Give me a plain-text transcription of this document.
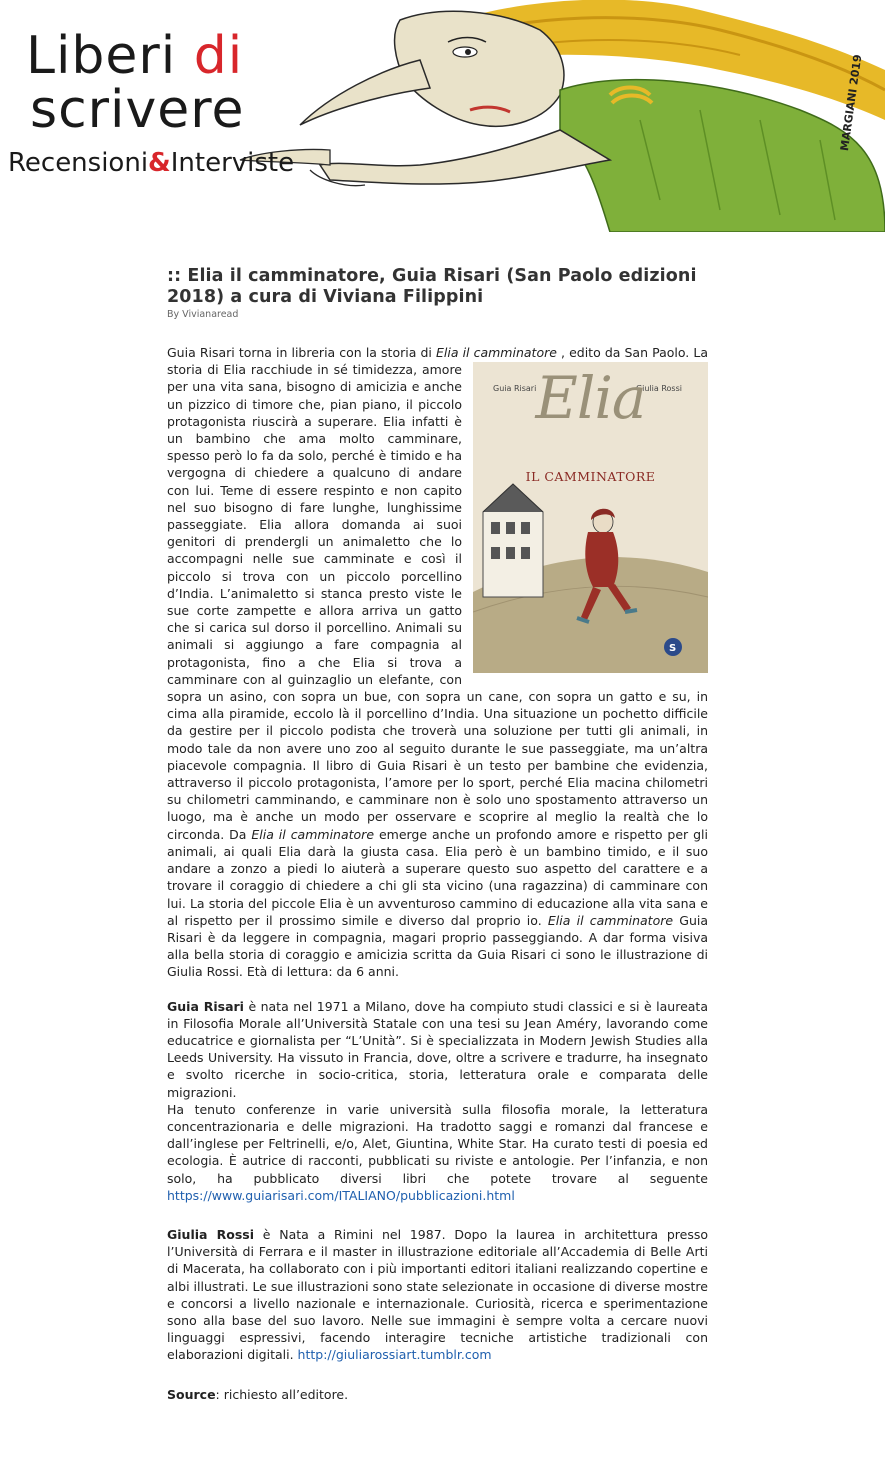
Liberi di
scrivere
Recensioni&Interviste
MARGIANI 2019
:: Elia il camminatore, Guia Risari (San Paolo edizioni 2018) a cura di Viviana Filippini
By Vivianaread

Guia Risari torna in libreria con la storia di Elia il camminatore
S
Guia Risari	Giulia Rossi
Elia
IL CAMMINATORE
, edito da San Paolo. La storia di Elia racchiude in sé timidezza, amore per una vita sana, bisogno di amicizia e anche un pizzico di timore che, pian piano, il piccolo protagonista riuscirà a superare. Elia infatti è un bambino che ama molto camminare, spesso però lo fa da solo, perché è timido e ha vergogna di chiedere a qualcuno di andare con lui. Teme di essere respinto e non capito nel suo bisogno di fare lunghe, lunghissime passeggiate. Elia allora domanda ai suoi genitori di prendergli un animaletto che lo accompagni nelle sue camminate e così il piccolo si trova con un piccolo porcellino d’India. L’animaletto si stanca presto viste le sue corte zampette e allora arriva un gatto che si carica sul dorso il porcellino. Animali su animali si aggiungo a fare compagnia al protagonista, fino a che Elia si trova a camminare con al guinzaglio un elefante, con sopra un asino, con sopra un bue, con sopra un cane, con sopra un gatto e su, in cima alla piramide, eccolo là il porcellino d’India. Una situazione un pochetto difficile da gestire per il piccolo podista che troverà una soluzione per tutti gli animali, in modo tale da non avere uno zoo al seguito durante le sue passeggiate, ma un’altra piacevole compagnia. Il libro di Guia Risari è un testo per bambine che evidenzia, attraverso il piccolo protagonista, l’amore per lo sport, perché Elia macina chilometri su chilometri camminando, e camminare non è solo uno spostamento attraverso un luogo, ma è anche un modo per osservare e scoprire al meglio la realtà che lo circonda. Da Elia il camminatore emerge anche un profondo amore e rispetto per gli animali, ai quali Elia darà la giusta casa. Elia però è un bambino timido, e il suo andare a zonzo a piedi lo aiuterà a superare questo suo aspetto del carattere e a trovare il coraggio di chiedere a chi gli sta vicino (una ragazzina) di camminare con lui. La storia del piccole Elia è un avventuroso cammino di educazione alla vita sana e al rispetto per il prossimo simile e diverso dal proprio io. Elia il camminatore Guia Risari è da leggere in compagnia, magari proprio passeggiando. A dar forma visiva alla bella storia di coraggio e amicizia scritta da Guia Risari ci sono le illustrazione di Giulia Rossi. Età di lettura: da 6 anni.

Guia Risari è nata nel 1971 a Milano, dove ha compiuto studi classici e si è laureata in Filosofia Morale all’Università Statale con una tesi su Jean Améry, lavorando come educatrice e giornalista per “L’Unità”. Si è specializzata in Modern Jewish Studies alla Leeds University. Ha vissuto in Francia, dove, oltre a scrivere e tradurre, ha insegnato e svolto ricerche in socio-critica, storia, letteratura orale e comparata delle migrazioni.

Ha tenuto conferenze in varie università sulla filosofia morale, la letteratura concentrazionaria e delle migrazioni. Ha tradotto saggi e romanzi dal francese e dall’inglese per Feltrinelli, e/o, Alet, Giuntina, White Star. Ha curato testi di poesia ed ecologia. È autrice di racconti, pubblicati su riviste e antologie. Per l’infanzia, e non solo, ha pubblicato diversi libri che potete trovare al seguente https://www.guiarisari.com/ITALIANO/pubblicazioni.html

Giulia Rossi è Nata a Rimini nel 1987. Dopo la laurea in architettura presso l’Università di Ferrara e il master in illustrazione editoriale all’Accademia di Belle Arti di Macerata, ha collaborato con i più importanti editori italiani realizzando copertine e albi illustrati. Le sue illustrazioni sono state selezionate in occasione di diverse mostre e concorsi a livello nazionale e internazionale. Curiosità, ricerca e sperimentazione sono alla base del suo lavoro. Nelle sue immagini è sempre volta a cercare nuovi linguaggi espressivi, facendo interagire tecniche artistiche tradizionali con elaborazioni digitali. http://giuliarossiart.tumblr.com

Source: richiesto all’editore.
